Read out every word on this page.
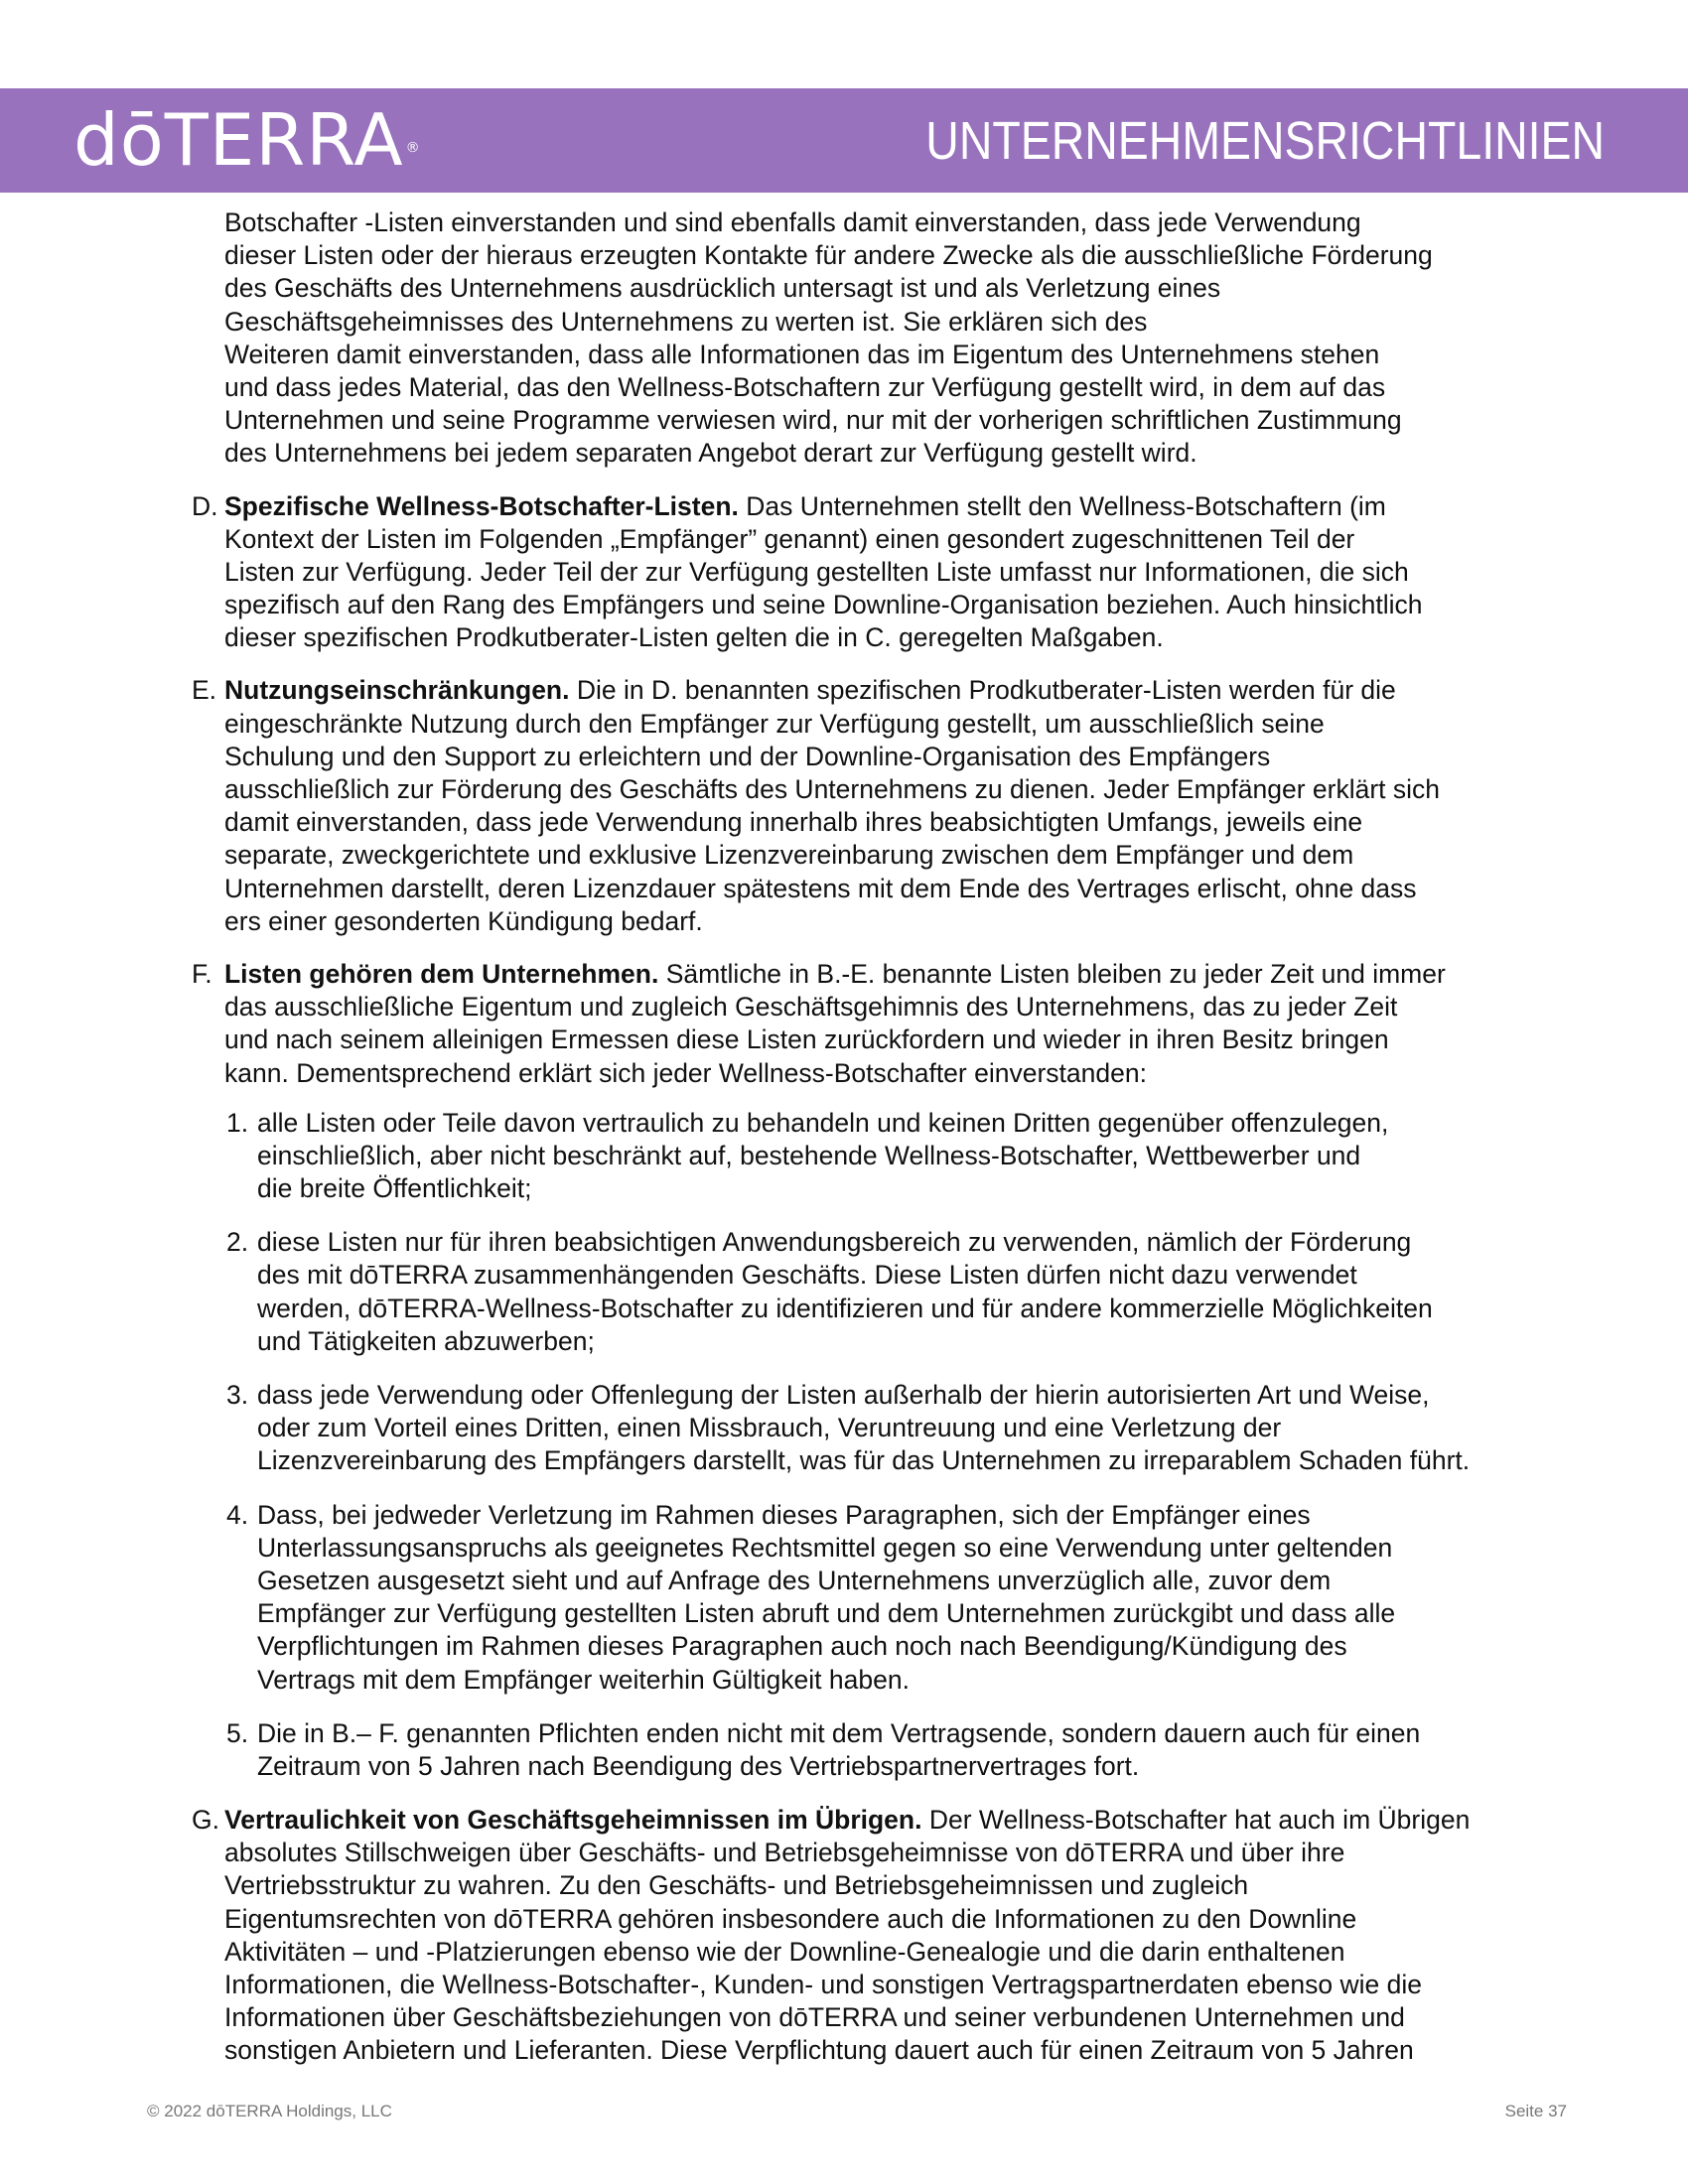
dōTERRA ®	UNTERNEHMENSRICHTLINIEN
Botschafter -Listen einverstanden und sind ebenfalls damit einverstanden, dass jede Verwendung
dieser Listen oder der hieraus erzeugten Kontakte für andere Zwecke als die ausschließliche Förderung
des Geschäfts des Unternehmens ausdrücklich untersagt ist und als Verletzung eines
Geschäftsgeheimnisses des Unternehmens zu werten ist. Sie erklären sich des
Weiteren damit einverstanden, dass alle Informationen das im Eigentum des Unternehmens stehen
und dass jedes Material, das den Wellness-Botschaftern zur Verfügung gestellt wird, in dem auf das
Unternehmen und seine Programme verwiesen wird, nur mit der vorherigen schriftlichen Zustimmung
des Unternehmens bei jedem separaten Angebot derart zur Verfügung gestellt wird.
D. Spezifische Wellness-Botschafter-Listen. Das Unternehmen stellt den Wellness-Botschaftern (im
Kontext der Listen im Folgenden „Empfänger” genannt) einen gesondert zugeschnittenen Teil der
Listen zur Verfügung. Jeder Teil der zur Verfügung gestellten Liste umfasst nur Informationen, die sich
spezifisch auf den Rang des Empfängers und seine Downline-Organisation beziehen. Auch hinsichtlich
dieser spezifischen Prodkutberater-Listen gelten die in C. geregelten Maßgaben.
E. Nutzungseinschränkungen. Die in D. benannten spezifischen Prodkutberater-Listen werden für die
eingeschränkte Nutzung durch den Empfänger zur Verfügung gestellt, um ausschließlich seine
Schulung und den Support zu erleichtern und der Downline-Organisation des Empfängers
ausschließlich zur Förderung des Geschäfts des Unternehmens zu dienen. Jeder Empfänger erklärt sich
damit einverstanden, dass jede Verwendung innerhalb ihres beabsichtigten Umfangs, jeweils eine
separate, zweckgerichtete und exklusive Lizenzvereinbarung zwischen dem Empfänger und dem
Unternehmen darstellt, deren Lizenzdauer spätestens mit dem Ende des Vertrages erlischt, ohne dass
ers einer gesonderten Kündigung bedarf.
F. Listen gehören dem Unternehmen. Sämtliche in B.-E. benannte Listen bleiben zu jeder Zeit und immer
das ausschließliche Eigentum und zugleich Geschäftsgehimnis des Unternehmens, das zu jeder Zeit
und nach seinem alleinigen Ermessen diese Listen zurückfordern und wieder in ihren Besitz bringen
kann. Dementsprechend erklärt sich jeder Wellness-Botschafter einverstanden:
1. alle Listen oder Teile davon vertraulich zu behandeln und keinen Dritten gegenüber offenzulegen,
einschließlich, aber nicht beschränkt auf, bestehende Wellness-Botschafter, Wettbewerber und
die breite Öffentlichkeit;
2. diese Listen nur für ihren beabsichtigen Anwendungsbereich zu verwenden, nämlich der Förderung
des mit dōTERRA zusammenhängenden Geschäfts. Diese Listen dürfen nicht dazu verwendet
werden, dōTERRA-Wellness-Botschafter zu identifizieren und für andere kommerzielle Möglichkeiten
und Tätigkeiten abzuwerben;
3. dass jede Verwendung oder Offenlegung der Listen außerhalb der hierin autorisierten Art und Weise,
oder zum Vorteil eines Dritten, einen Missbrauch, Veruntreuung und eine Verletzung der
Lizenzvereinbarung des Empfängers darstellt, was für das Unternehmen zu irreparablem Schaden führt.
4. Dass, bei jedweder Verletzung im Rahmen dieses Paragraphen, sich der Empfänger eines
Unterlassungsanspruchs als geeignetes Rechtsmittel gegen so eine Verwendung unter geltenden
Gesetzen ausgesetzt sieht und auf Anfrage des Unternehmens unverzüglich alle, zuvor dem
Empfänger zur Verfügung gestellten Listen abruft und dem Unternehmen zurückgibt und dass alle
Verpflichtungen im Rahmen dieses Paragraphen auch noch nach Beendigung/Kündigung des
Vertrags mit dem Empfänger weiterhin Gültigkeit haben.
5. Die in B.– F. genannten Pflichten enden nicht mit dem Vertragsende, sondern dauern auch für einen
Zeitraum von 5 Jahren nach Beendigung des Vertriebspartnervertrages fort.
G. Vertraulichkeit von Geschäftsgeheimnissen im Übrigen. Der Wellness-Botschafter hat auch im Übrigen
absolutes Stillschweigen über Geschäfts- und Betriebsgeheimnisse von dōTERRA und über ihre
Vertriebsstruktur zu wahren. Zu den Geschäfts- und Betriebsgeheimnissen und zugleich
Eigentumsrechten von dōTERRA gehören insbesondere auch die Informationen zu den Downline
Aktivitäten – und -Platzierungen ebenso wie der Downline-Genealogie und die darin enthaltenen
Informationen, die Wellness-Botschafter-, Kunden- und sonstigen Vertragspartnerdaten ebenso wie die
Informationen über Geschäftsbeziehungen von dōTERRA und seiner verbundenen Unternehmen und
sonstigen Anbietern und Lieferanten. Diese Verpflichtung dauert auch für einen Zeitraum von 5 Jahren
© 2022 dōTERRA Holdings, LLC	Seite 37
